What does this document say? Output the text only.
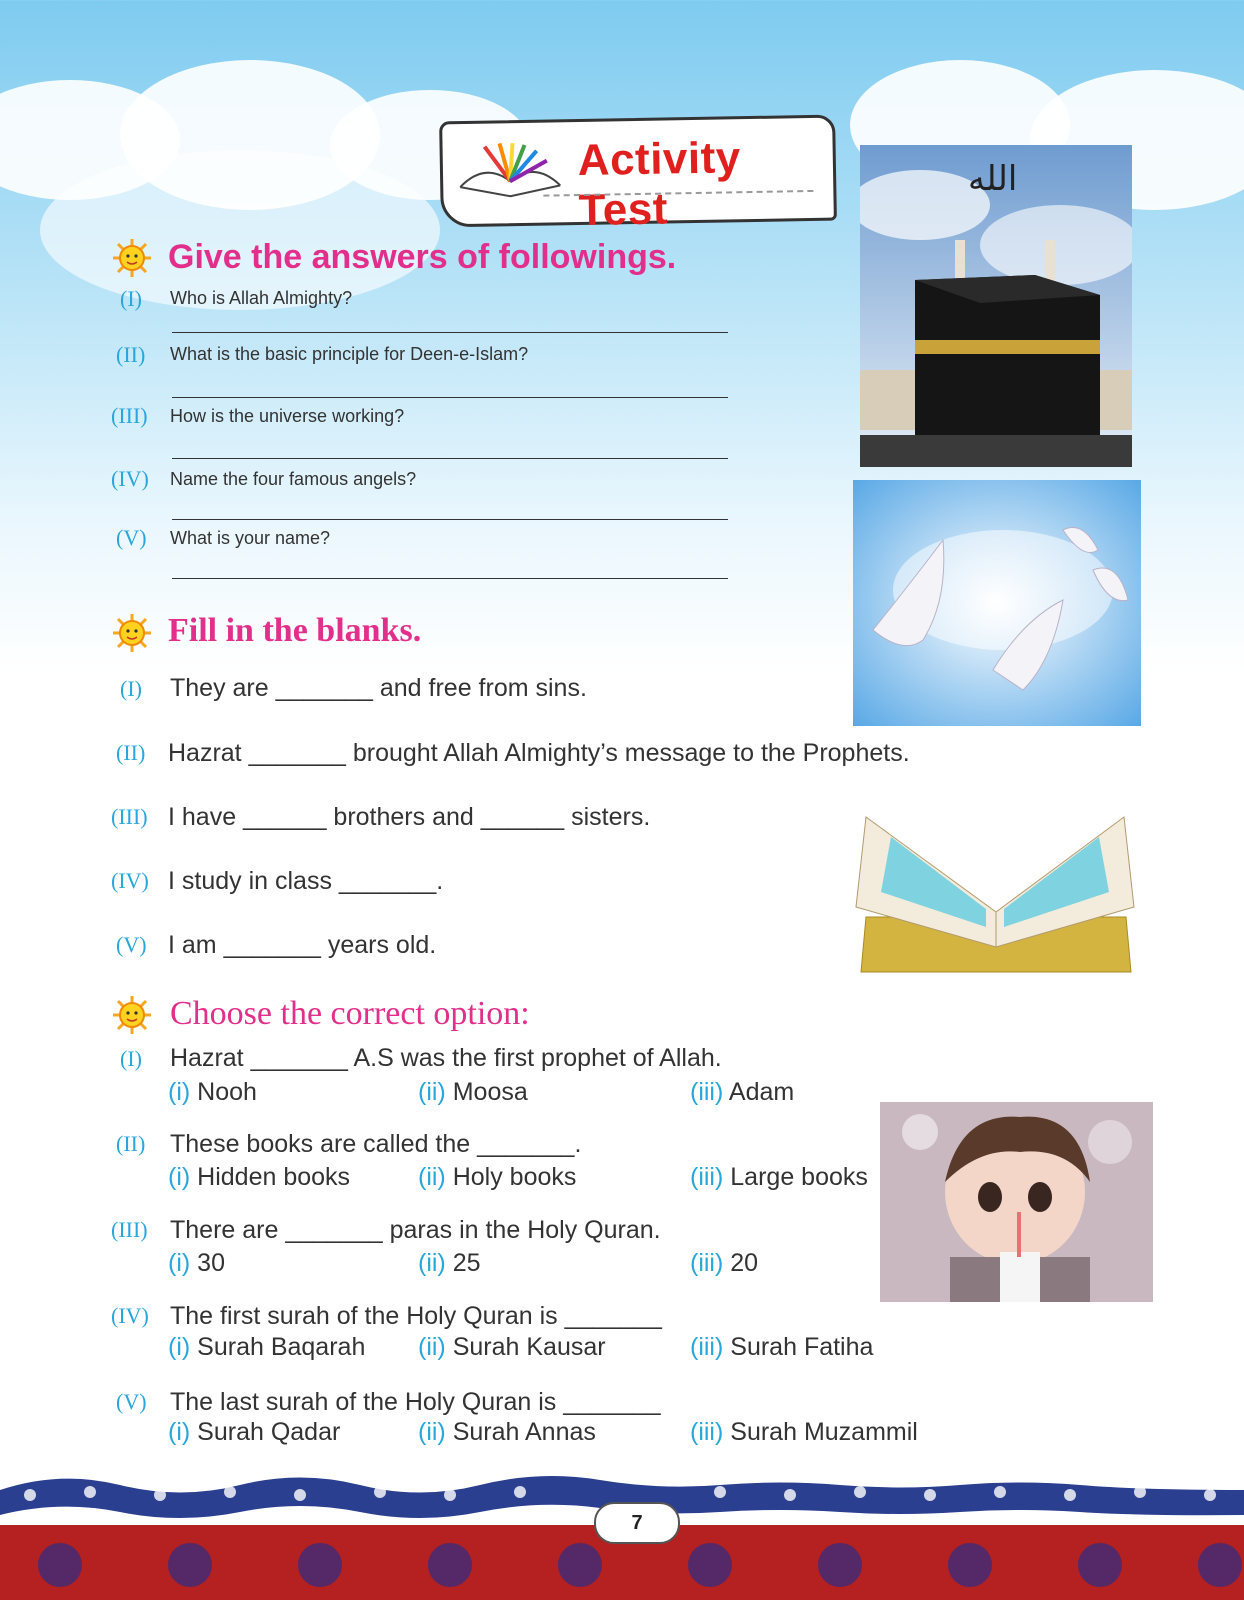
Activity Test
Give the answers of followings.
(I) Who is Allah Almighty?
(II) What is the basic principle for Deen-e-Islam?
(III) How is the universe working?
(IV) Name the four famous angels?
(V) What is your name?
Fill in the blanks.
(I) They are _______ and free from sins.
(II) Hazrat _______ brought Allah Almighty’s message to the Prophets.
(III) I have ______ brothers and ______ sisters.
(IV) I study in class _______.
(V) I am _______ years old.
Choose the correct option:
(I) Hazrat _______ A.S was the first prophet of Allah.
(i) Nooh	(ii) Moosa	(iii) Adam
(II) These books are called the _______.
(i) Hidden books	(ii) Holy books	(iii) Large books
(III) There are _______ paras in the Holy Quran.
(i) 30	(ii) 25	(iii) 20
(IV) The first surah of the Holy Quran is _______
(i) Surah Baqarah (ii) Surah Kausar	(iii) Surah Fatiha
(V) The last surah of the Holy Quran is _______
(i) Surah Qadar	(ii) Surah Annas	(iii) Surah Muzammil
الله
7
